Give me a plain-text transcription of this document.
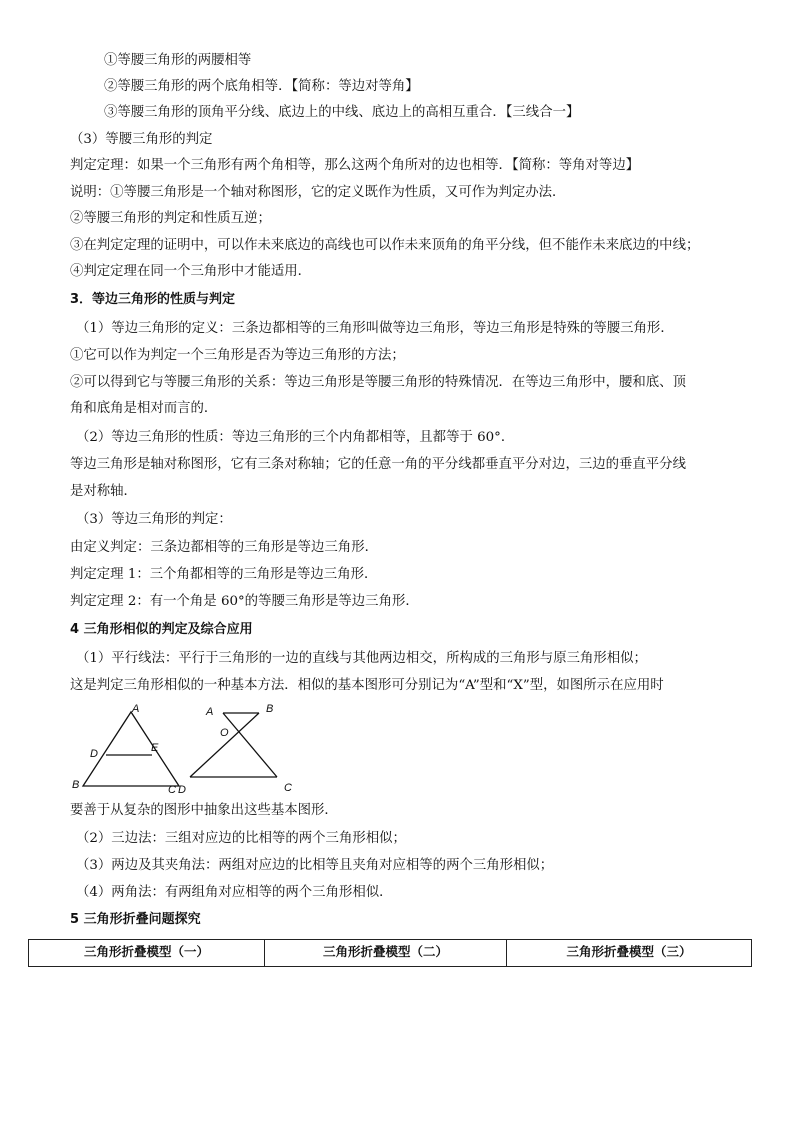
①等腰三角形的两腰相等
②等腰三角形的两个底角相等．【简称：等边对等角】
③等腰三角形的顶角平分线、底边上的中线、底边上的高相互重合．【三线合一】
（3）等腰三角形的判定
判定定理：如果一个三角形有两个角相等，那么这两个角所对的边也相等．【简称：等角对等边】
说明：①等腰三角形是一个轴对称图形，它的定义既作为性质，又可作为判定办法．
②等腰三角形的判定和性质互逆；
③在判定定理的证明中，可以作未来底边的高线也可以作未来顶角的角平分线，但不能作未来底边的中线；
④判定定理在同一个三角形中才能适用．
3．等边三角形的性质与判定
（1）等边三角形的定义：三条边都相等的三角形叫做等边三角形，等边三角形是特殊的等腰三角形．
①它可以作为判定一个三角形是否为等边三角形的方法；
②可以得到它与等腰三角形的关系：等边三角形是等腰三角形的特殊情况．在等边三角形中，腰和底、顶
角和底角是相对而言的．
（2）等边三角形的性质：等边三角形的三个内角都相等，且都等于 60°．
等边三角形是轴对称图形，它有三条对称轴；它的任意一角的平分线都垂直平分对边，三边的垂直平分线
是对称轴．
（3）等边三角形的判定：
由定义判定：三条边都相等的三角形是等边三角形．
判定定理 1：三个角都相等的三角形是等边三角形．
判定定理 2：有一个角是 60°的等腰三角形是等边三角形．
4 三角形相似的判定及综合应用
（1）平行线法：平行于三角形的一边的直线与其他两边相交，所构成的三角形与原三角形相似；
这是判定三角形相似的一种基本方法．相似的基本图形可分别记为“A”型和“X”型，如图所示在应用时
A
D	E
B	C
A	B
O
D	C
要善于从复杂的图形中抽象出这些基本图形．
（2）三边法：三组对应边的比相等的两个三角形相似；
（3）两边及其夹角法：两组对应边的比相等且夹角对应相等的两个三角形相似；
（4）两角法：有两组角对应相等的两个三角形相似．
5 三角形折叠问题探究
三角形折叠模型（一）	三角形折叠模型（二）	三角形折叠模型（三）
